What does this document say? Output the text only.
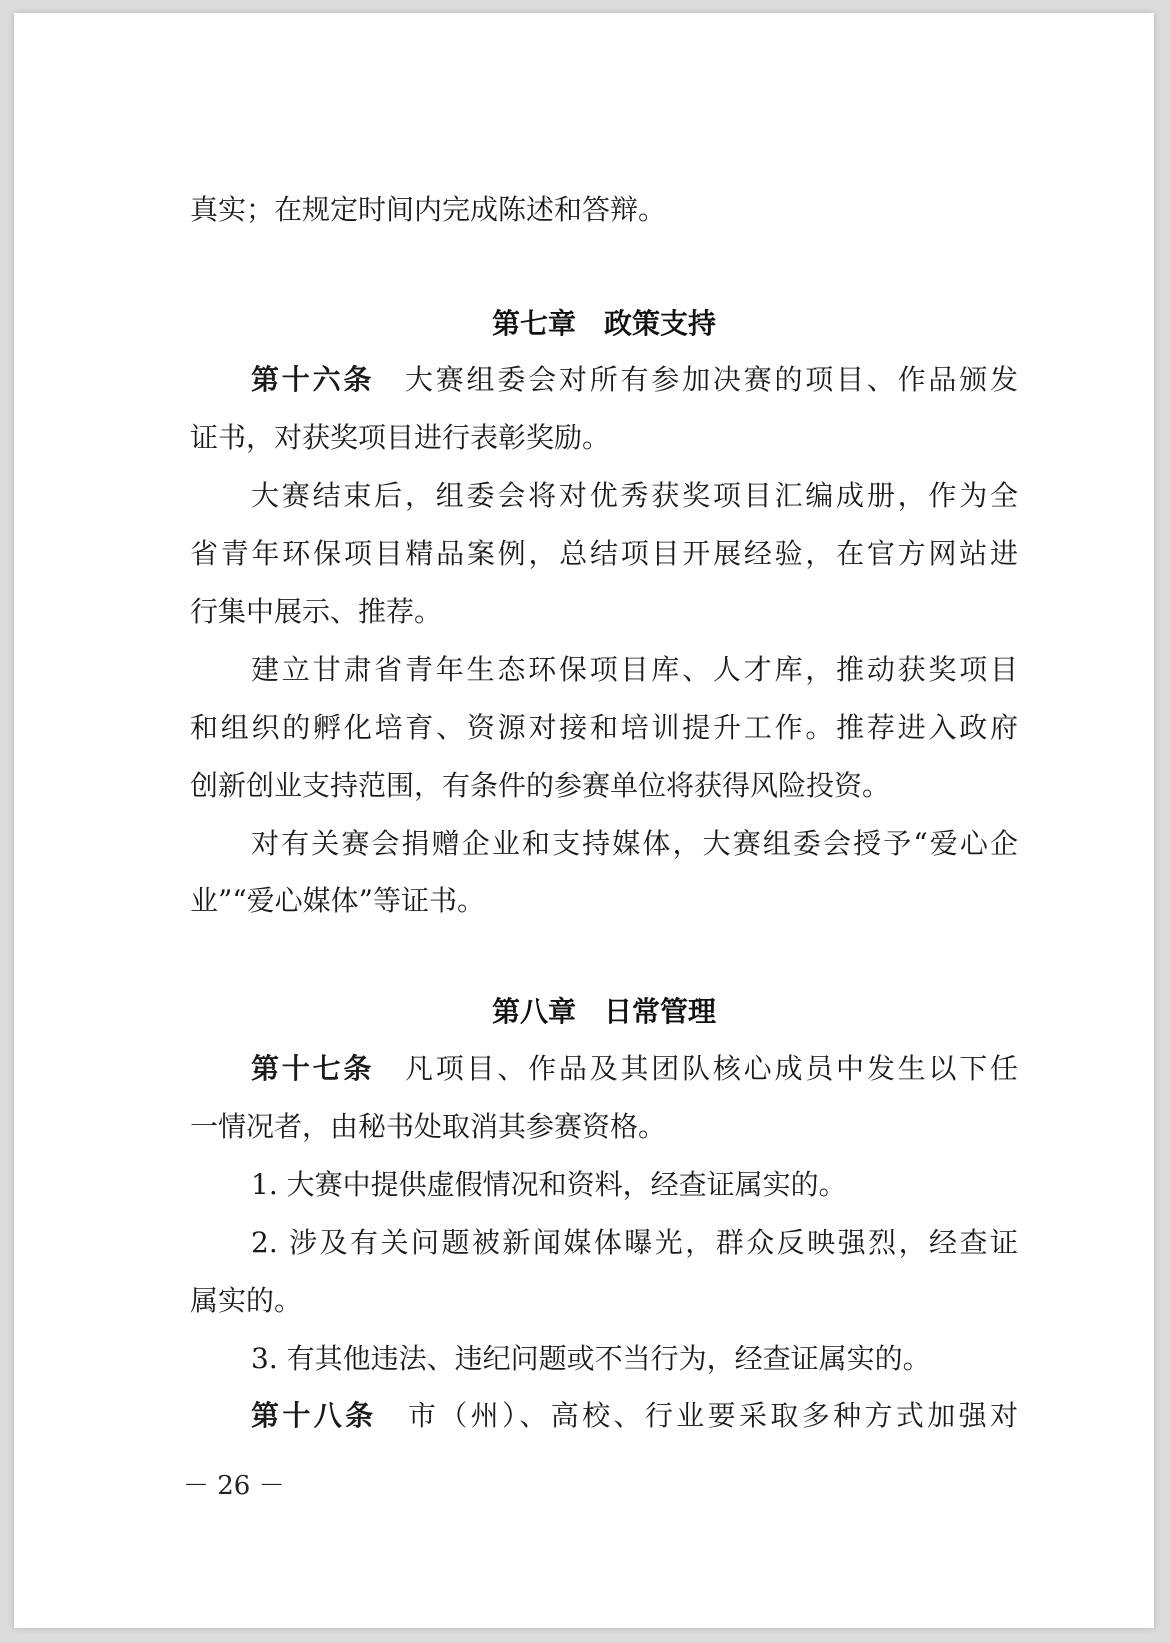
真实；在规定时间内完成陈述和答辩。
第七章　政策支持
第十六条　大赛组委会对所有参加决赛的项目、作品颁发
证书，对获奖项目进行表彰奖励。
大赛结束后，组委会将对优秀获奖项目汇编成册，作为全
省青年环保项目精品案例，总结项目开展经验，在官方网站进
行集中展示、推荐。
建立甘肃省青年生态环保项目库、人才库，推动获奖项目
和组织的孵化培育、资源对接和培训提升工作。推荐进入政府
创新创业支持范围，有条件的参赛单位将获得风险投资。
对有关赛会捐赠企业和支持媒体，大赛组委会授予“爱心企
业”“爱心媒体”等证书。
第八章　日常管理
第十七条　凡项目、作品及其团队核心成员中发生以下任
一情况者，由秘书处取消其参赛资格。
1. 大赛中提供虚假情况和资料，经查证属实的。
2. 涉及有关问题被新闻媒体曝光，群众反映强烈，经查证
属实的。
3. 有其他违法、违纪问题或不当行为，经查证属实的。
第十八条　市（州）、高校、行业要采取多种方式加强对
－ 26 －
